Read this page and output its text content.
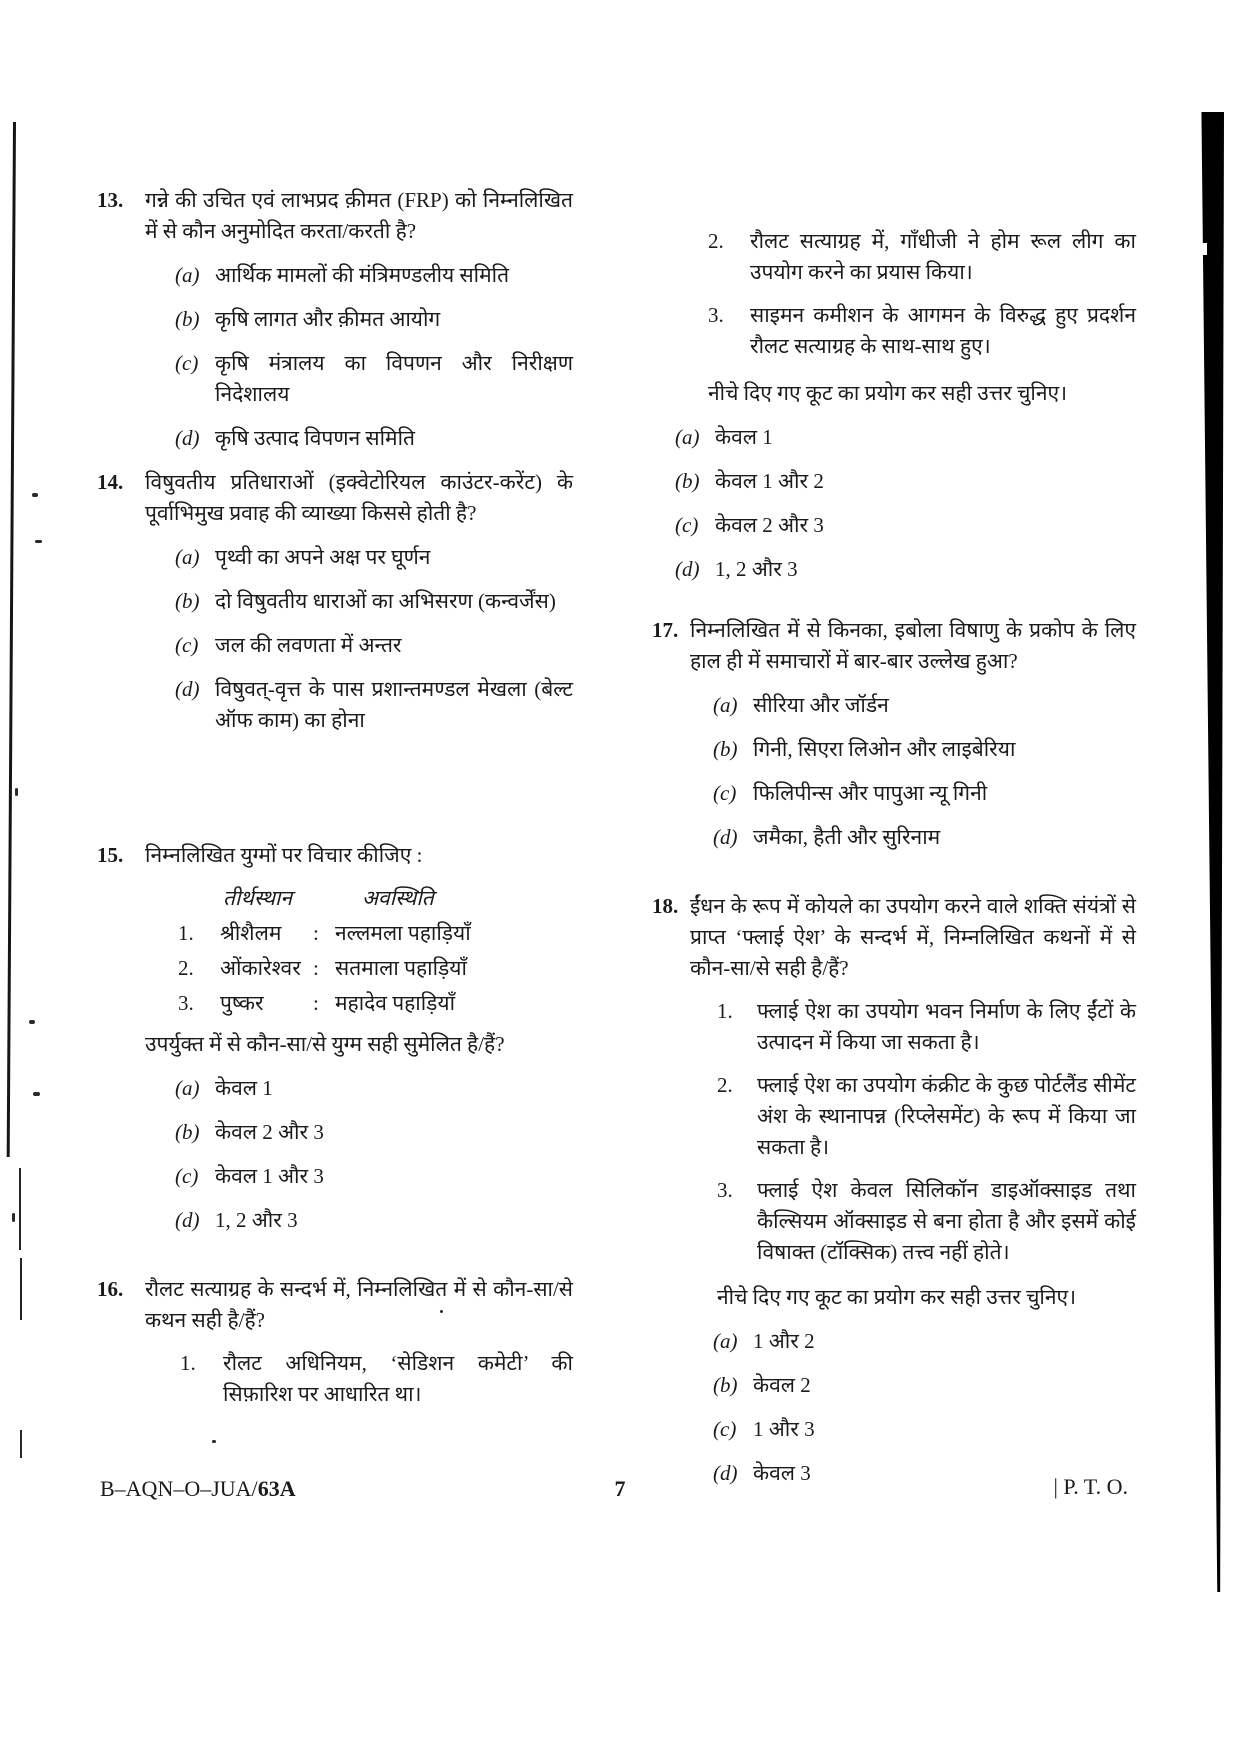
13. गन्ने की उचित एवं लाभप्रद क़ीमत (FRP) को निम्नलिखित में से कौन अनुमोदित करता/करती है?
(a) आर्थिक मामलों की मंत्रिमण्डलीय समिति
(b) कृषि लागत और क़ीमत आयोग
(c) कृषि मंत्रालय का विपणन और निरीक्षण निदेशालय
(d) कृषि उत्पाद विपणन समिति
14. विषुवतीय प्रतिधाराओं (इक्वेटोरियल काउंटर-करेंट) के पूर्वाभिमुख प्रवाह की व्याख्या किससे होती है?
(a) पृथ्वी का अपने अक्ष पर घूर्णन
(b) दो विषुवतीय धाराओं का अभिसरण (कन्वर्जेंस)
(c) जल की लवणता में अन्तर
(d) विषुवत्-वृत्त के पास प्रशान्तमण्डल मेखला (बेल्ट ऑफ काम) का होना
15. निम्नलिखित युग्मों पर विचार कीजिए :
तीर्थस्थान	अवस्थिति
1.	श्रीशैलम	: नल्लमला पहाड़ियाँ
2.	ओंकारेश्वर : सतमाला पहाड़ियाँ
3.	पुष्कर	: महादेव पहाड़ियाँ
उपर्युक्त में से कौन-सा/से युग्म सही सुमेलित है/हैं?
(a) केवल 1
(b) केवल 2 और 3
(c) केवल 1 और 3
(d) 1, 2 और 3
16. रौलट सत्याग्रह के सन्दर्भ में, निम्नलिखित में से कौन-सा/से कथन सही है/हैं?
1.	रौलट अधिनियम, ‘सेडिशन कमेटी’ की सिफ़ारिश पर आधारित था।
2.	रौलट सत्याग्रह में, गाँधीजी ने होम रूल लीग का उपयोग करने का प्रयास किया।
3.	साइमन कमीशन के आगमन के विरुद्ध हुए प्रदर्शन रौलट सत्याग्रह के साथ-साथ हुए।
नीचे दिए गए कूट का प्रयोग कर सही उत्तर चुनिए।
(a) केवल 1
(b) केवल 1 और 2
(c) केवल 2 और 3
(d) 1, 2 और 3
17. निम्नलिखित में से किनका, इबोला विषाणु के प्रकोप के लिए हाल ही में समाचारों में बार-बार उल्लेख हुआ?
(a) सीरिया और जॉर्डन
(b) गिनी, सिएरा लिओन और लाइबेरिया
(c) फिलिपीन्स और पापुआ न्यू गिनी
(d) जमैका, हैती और सुरिनाम
18. ईंधन के रूप में कोयले का उपयोग करने वाले शक्ति संयंत्रों से प्राप्त ‘फ्लाई ऐश’ के सन्दर्भ में, निम्नलिखित कथनों में से कौन-सा/से सही है/हैं?
1.	फ्लाई ऐश का उपयोग भवन निर्माण के लिए ईंटों के उत्पादन में किया जा सकता है।
2.	फ्लाई ऐश का उपयोग कंक्रीट के कुछ पोर्टलैंड सीमेंट अंश के स्थानापन्न (रिप्लेसमेंट) के रूप में किया जा सकता है।
3.	फ्लाई ऐश केवल सिलिकॉन डाइऑक्साइड तथा कैल्सियम ऑक्साइड से बना होता है और इसमें कोई विषाक्त (टॉक्सिक) तत्त्व नहीं होते।
नीचे दिए गए कूट का प्रयोग कर सही उत्तर चुनिए।
(a) 1 और 2
(b) केवल 2
(c) 1 और 3
(d) केवल 3
B–AQN–O–JUA/63A	7	| P. T. O.
